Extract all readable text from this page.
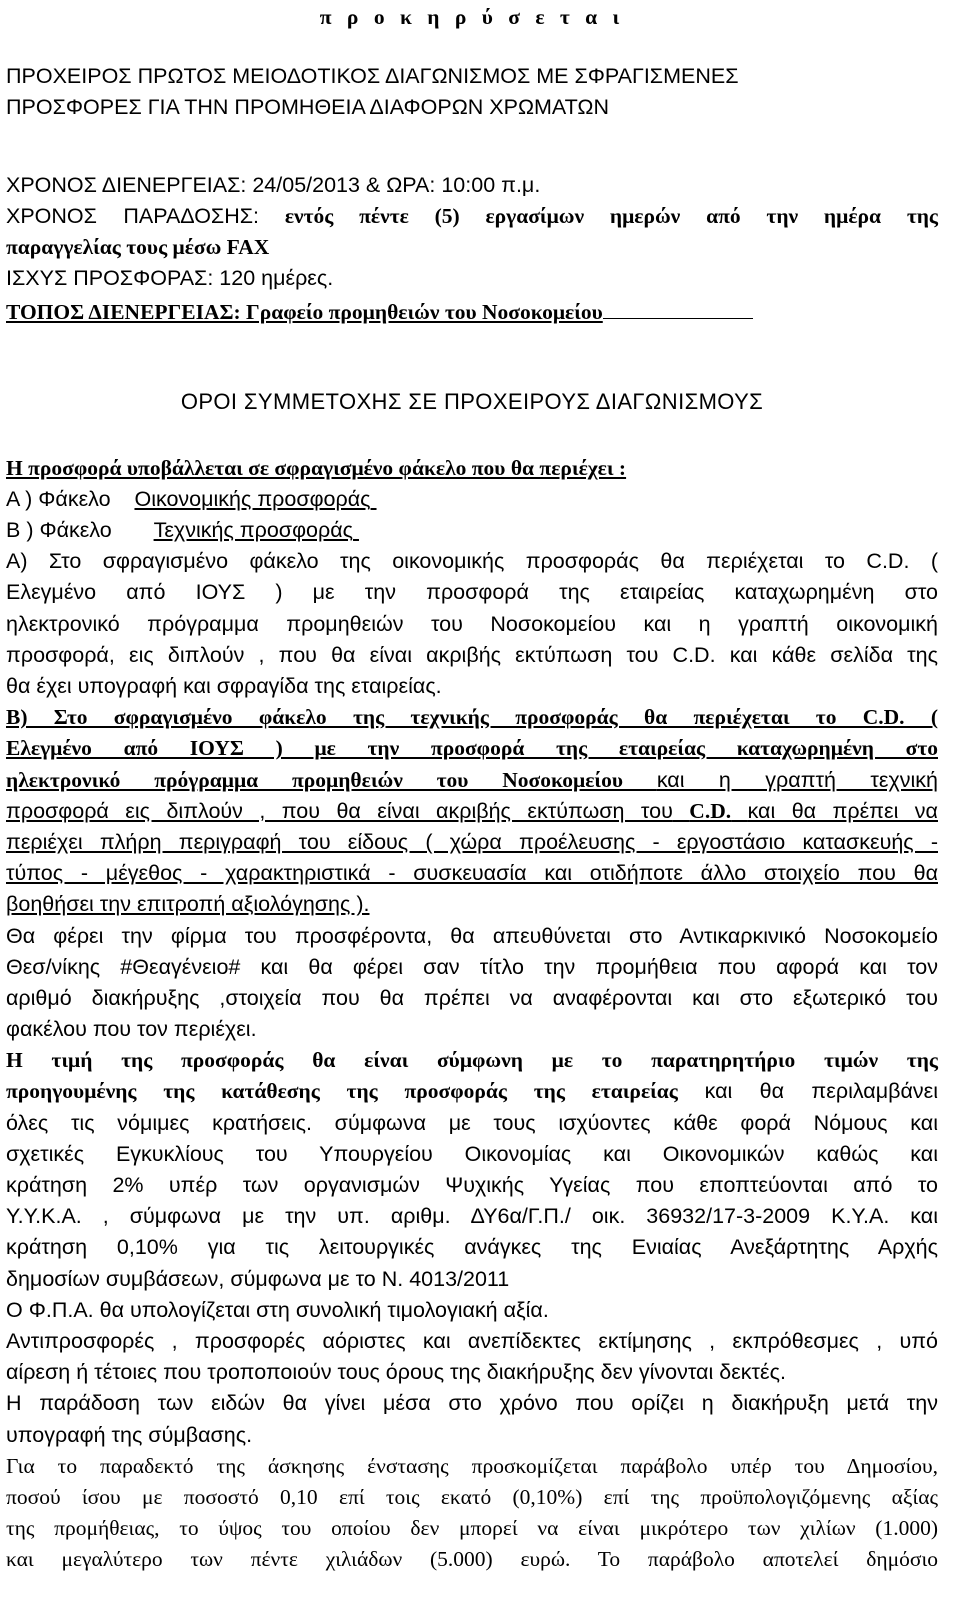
π ρ ο κ η ρ ύ σ ε τ α ι
ΠΡΟΧΕΙΡΟΣ ΠΡΩΤΟΣ ΜΕΙΟΔΟΤΙΚΟΣ ΔΙΑΓΩΝΙΣΜΟΣ ΜΕ ΣΦΡΑΓΙΣΜΕΝΕΣ
ΠΡΟΣΦΟΡΕΣ ΓΙΑ ΤΗΝ ΠΡΟΜΗΘΕΙΑ ΔΙΑΦΟΡΩΝ ΧΡΩΜΑΤΩΝ
ΧΡΟΝΟΣ ΔΙΕΝΕΡΓΕΙΑΣ: 24/05/2013 & ΩΡΑ: 10:00 π.μ.
ΧΡΟΝΟΣ ΠΑΡΑΔΟΣΗΣ: εντός πέντε (5) εργασίμων ημερών από την ημέρα της
παραγγελίας τους μέσω FAX
ΙΣΧΥΣ ΠΡΟΣΦΟΡΑΣ: 120 ημέρες.
ΤΟΠΟΣ ΔΙΕΝΕΡΓΕΙΑΣ: Γραφείο προμηθειών του Νοσοκομείου
ΟΡΟΙ ΣΥΜΜΕΤΟΧΗΣ ΣΕ ΠΡΟΧΕΙΡΟΥΣ ΔΙΑΓΩΝΙΣΜΟΥΣ
Η προσφορά υποβάλλεται σε σφραγισμένο φάκελο που θα περιέχει :
Α ) Φάκελο Οικονομικής προσφοράς
Β ) Φάκελο Τεχνικής προσφοράς
Α) Στο σφραγισμένο φάκελο της οικονομικής προσφοράς θα περιέχεται το C.D. (
Ελεγμένο από ΙΟΥΣ ) με την προσφορά της εταιρείας καταχωρημένη στο
ηλεκτρονικό πρόγραμμα προμηθειών του Νοσοκομείου και η γραπτή οικονομική
προσφορά, εις διπλούν , που θα είναι ακριβής εκτύπωση του C.D. και κάθε σελίδα της
θα έχει υπογραφή και σφραγίδα της εταιρείας.
Β) Στο σφραγισμένο φάκελο της τεχνικής προσφοράς θα περιέχεται το C.D. (
Ελεγμένο από ΙΟΥΣ ) με την προσφορά της εταιρείας καταχωρημένη στο
ηλεκτρονικό πρόγραμμα προμηθειών του Νοσοκομείου και η γραπτή τεχνική
προσφορά εις διπλούν , που θα είναι ακριβής εκτύπωση του C.D. και θα πρέπει να
περιέχει πλήρη περιγραφή του είδους ( χώρα προέλευσης - εργοστάσιο κατασκευής -
τύπος - μέγεθος - χαρακτηριστικά - συσκευασία και οτιδήποτε άλλο στοιχείο που θα
βοηθήσει την επιτροπή αξιολόγησης ).
Θα φέρει την φίρμα του προσφέροντα, θα απευθύνεται στο Αντικαρκινικό Νοσοκομείο
Θεσ/νίκης #Θεαγένειο# και θα φέρει σαν τίτλο την προμήθεια που αφορά και τον
αριθμό διακήρυξης ,στοιχεία που θα πρέπει να αναφέρονται και στο εξωτερικό του
φακέλου που τον περιέχει.
Η τιμή της προσφοράς θα είναι σύμφωνη με το παρατηρητήριο τιμών της
προηγουμένης της κατάθεσης της προσφοράς της εταιρείας και θα περιλαμβάνει
όλες τις νόμιμες κρατήσεις. σύμφωνα με τους ισχύοντες κάθε φορά Νόμους και
σχετικές Εγκυκλίους του Υπουργείου Οικονομίας και Οικονομικών καθώς και
κράτηση 2% υπέρ των οργανισμών Ψυχικής Υγείας που εποπτεύονται από το
Υ.Υ.Κ.Α. , σύμφωνα με την υπ. αριθμ. ΔΥ6α/Γ.Π./ οικ. 36932/17-3-2009 Κ.Υ.Α. και
κράτηση 0,10% για τις λειτουργικές ανάγκες της Ενιαίας Ανεξάρτητης Αρχής
δημοσίων συμβάσεων, σύμφωνα με το Ν. 4013/2011
Ο Φ.Π.Α. θα υπολογίζεται στη συνολική τιμολογιακή αξία.
Αντιπροσφορές , προσφορές αόριστες και ανεπίδεκτες εκτίμησης , εκπρόθεσμες , υπό
αίρεση ή τέτοιες που τροποποιούν τους όρους της διακήρυξης δεν γίνονται δεκτές.
Η παράδοση των ειδών θα γίνει μέσα στο χρόνο που ορίζει η διακήρυξη μετά την
υπογραφή της σύμβασης.
Για το παραδεκτό της άσκησης ένστασης προσκομίζεται παράβολο υπέρ του Δημοσίου,
ποσού ίσου με ποσοστό 0,10 επί τοις εκατό (0,10%) επί της προϋπολογιζόμενης αξίας
της προμήθειας, το ύψος του οποίου δεν μπορεί να είναι μικρότερο των χιλίων (1.000)
και μεγαλύτερο των πέντε χιλιάδων (5.000) ευρώ. Το παράβολο αποτελεί δημόσιο
